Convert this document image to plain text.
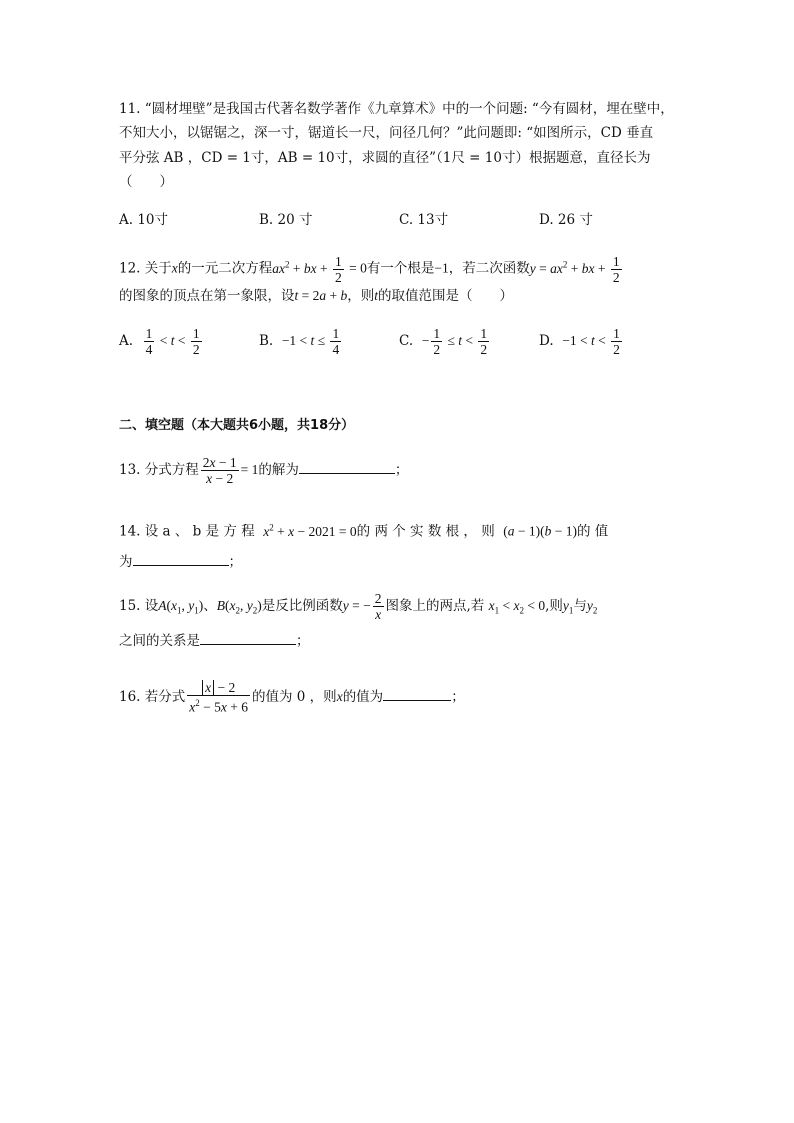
11. “圆材埋壁”是我国古代著名数学著作《九章算术》中的一个问题: “今有圆材，埋在壁中，
不知大小，以锯锯之，深一寸，锯道长一尺，问径几何？”此问题即: “如图所示，CD 垂直
平分弦 AB ，CD = 1寸，AB = 10寸，求圆的直径”（1尺 = 10寸）根据题意，直径长为
（　　）
A. 10寸	B. 20 寸	C. 13寸	D. 26 寸
12. 关于x的一元二次方程$ax^2$ + bx + $\frac{1}{2} = 0$有一个根是−1，若二次函数$y = ax^2$ + bx + $\frac{1}{2}$
的图象的顶点在第一象限，设t = 2a + b，则t的取值范围是（　　）
A. $\frac{1}{4} < t < \frac{1}{2}$	B. $-1 < t \le \frac{1}{4}$	C. − $\frac{1}{2} \le t < \frac{1}{2}$	D. $-1 < t < \frac{1}{2}$
二、填空题（本大题共6小题，共18分）
13. 分式方程 $\frac{2x - 1}{x - 2} = 1$的解为	；
14. 设 a 、 b 是 方 程 $x^2 + x - 2021 = 0$的 两 个 实 数 根 ， 则 (a − 1)(b − 1)的 值
为	；
15. 设$A(x_1$, $y_1$)、$B(x_2$, $y_2$)是反比例函数y = − $\frac{2}{x}$ 图象上的两点,若 $x_1 < x_2 < 0$,则$y_1$与$y_2$
之间的关系是	；
16. 若分式 $\frac{x - 2}{x^2 - 5x + 6}$ 的值为 0 ，则x的值为	；
